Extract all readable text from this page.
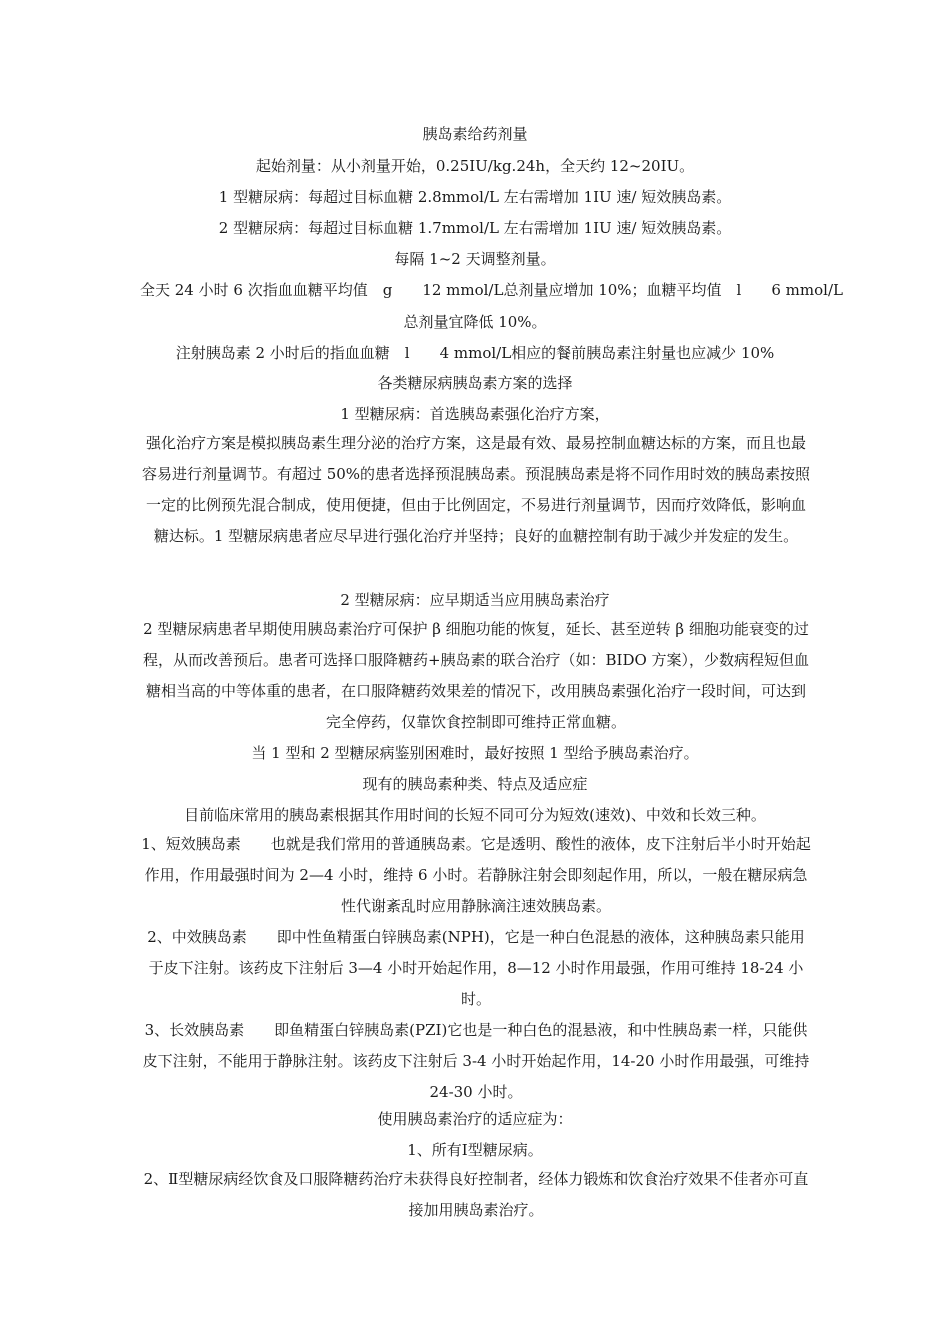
胰岛素给药剂量
起始剂量：从小剂量开始，0.25IU/kg.24h，全天约 12~20IU。
1 型糖尿病：每超过目标血糖 2.8mmol/L 左右需增加 1IU 速/ 短效胰岛素。
2 型糖尿病：每超过目标血糖 1.7mmol/L 左右需增加 1IU 速/ 短效胰岛素。
每隔 1~2 天调整剂量。
全天 24 小时 6 次指血血糖平均值　g　　12 mmol/L总剂量应增加 10%；血糖平均值　l　　6 mmol/L
总剂量宜降低 10%。
注射胰岛素 2 小时后的指血血糖　l　　4 mmol/L相应的餐前胰岛素注射量也应减少 10%
各类糖尿病胰岛素方案的选择
1 型糖尿病：首选胰岛素强化治疗方案，
强化治疗方案是模拟胰岛素生理分泌的治疗方案，这是最有效、最易控制血糖达标的方案，而且也最容易进行剂量调节。有超过 50%的患者选择预混胰岛素。预混胰岛素是将不同作用时效的胰岛素按照一定的比例预先混合制成，使用便捷，但由于比例固定，不易进行剂量调节，因而疗效降低，影响血糖达标。1 型糖尿病患者应尽早进行强化治疗并坚持；良好的血糖控制有助于减少并发症的发生。
2 型糖尿病：应早期适当应用胰岛素治疗
2 型糖尿病患者早期使用胰岛素治疗可保护 β 细胞功能的恢复，延长、甚至逆转 β 细胞功能衰变的过程，从而改善预后。患者可选择口服降糖药+胰岛素的联合治疗（如：BIDO 方案），少数病程短但血糖相当高的中等体重的患者，在口服降糖药效果差的情况下，改用胰岛素强化治疗一段时间，可达到完全停药，仅靠饮食控制即可维持正常血糖。
当 1 型和 2 型糖尿病鉴别困难时，最好按照 1 型给予胰岛素治疗。
现有的胰岛素种类、特点及适应症
目前临床常用的胰岛素根据其作用时间的长短不同可分为短效(速效)、中效和长效三种。
1、短效胰岛素　　也就是我们常用的普通胰岛素。它是透明、酸性的液体，皮下注射后半小时开始起作用，作用最强时间为 2—4 小时，维持 6 小时。若静脉注射会即刻起作用，所以，一般在糖尿病急性代谢紊乱时应用静脉滴注速效胰岛素。
2、中效胰岛素　　即中性鱼精蛋白锌胰岛素(NPH)，它是一种白色混悬的液体，这种胰岛素只能用于皮下注射。该药皮下注射后 3—4 小时开始起作用，8—12 小时作用最强，作用可维持 18-24 小时。
3、长效胰岛素　　即鱼精蛋白锌胰岛素(PZI)它也是一种白色的混悬液，和中性胰岛素一样，只能供皮下注射，不能用于静脉注射。该药皮下注射后 3-4 小时开始起作用，14-20 小时作用最强，可维持 24-30 小时。
使用胰岛素治疗的适应症为：
1、所有Ⅰ型糖尿病。
2、Ⅱ型糖尿病经饮食及口服降糖药治疗未获得良好控制者，经体力锻炼和饮食治疗效果不佳者亦可直接加用胰岛素治疗。
